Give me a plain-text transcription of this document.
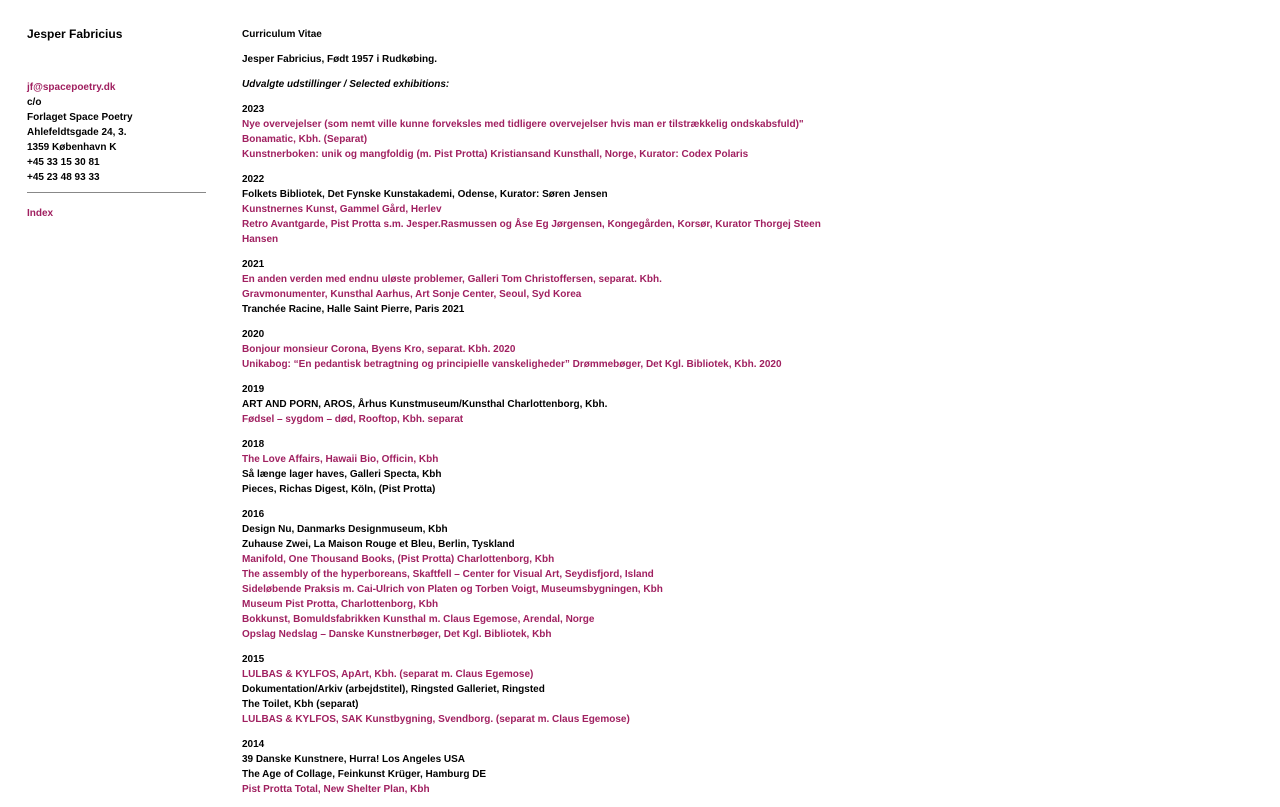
Jesper Fabricius
jf@spacepoetry.dk
c/o
Forlaget Space Poetry
Ahlefeldtsgade 24, 3.
1359 København K
+45 33 15 30 81
+45 23 48 93 33
Index
Curriculum Vitae
Jesper Fabricius, Født 1957 i Rudkøbing.
Udvalgte udstillinger / Selected exhibitions:
2023
Nye overvejelser (som nemt ville kunne forveksles med tidligere overvejelser hvis man er tilstrækkelig ondskabsfuld)" Bonamatic, Kbh. (Separat)
Kunstnerboken: unik og mangfoldig (m. Pist Protta) Kristiansand Kunsthall, Norge, Kurator: Codex Polaris
2022
Folkets Bibliotek, Det Fynske Kunstakademi, Odense, Kurator: Søren Jensen
Kunstnernes Kunst, Gammel Gård, Herlev
Retro Avantgarde, Pist Protta s.m. Jesper.Rasmussen og Åse Eg Jørgensen, Kongegården, Korsør, Kurator Thorgej Steen Hansen
2021
En anden verden med endnu uløste problemer, Galleri Tom Christoffersen, separat. Kbh.
Gravmonumenter, Kunsthal Aarhus, Art Sonje Center, Seoul, Syd Korea
Tranchée Racine, Halle Saint Pierre, Paris 2021
2020
Bonjour monsieur Corona, Byens Kro, separat. Kbh. 2020
Unikabog: “En pedantisk betragtning og principielle vanskeligheder” Drømmebøger, Det Kgl. Bibliotek, Kbh. 2020
2019
ART AND PORN, AROS, Århus Kunstmuseum/Kunsthal Charlottenborg, Kbh.
Fødsel – sygdom – død, Rooftop, Kbh. separat
2018
The Love Affairs, Hawaii Bio, Officin, Kbh
Så længe lager haves, Galleri Specta, Kbh
Pieces, Richas Digest, Köln, (Pist Protta)
2016
Design Nu, Danmarks Designmuseum, Kbh
Zuhause Zwei, La Maison Rouge et Bleu, Berlin, Tyskland
Manifold, One Thousand Books, (Pist Protta) Charlottenborg, Kbh
The assembly of the hyperboreans, Skaftfell – Center for Visual Art, Seydisfjord, Island
Sideløbende Praksis m. Cai-Ulrich von Platen og Torben Voigt, Museumsbygningen, Kbh
Museum Pist Protta, Charlottenborg, Kbh
Bokkunst, Bomuldsfabrikken Kunsthal m. Claus Egemose, Arendal, Norge
Opslag Nedslag – Danske Kunstnerbøger, Det Kgl. Bibliotek, Kbh
2015
LULBAS & KYLFOS, ApArt, Kbh. (separat m. Claus Egemose)
Dokumentation/Arkiv (arbejdstitel), Ringsted Galleriet, Ringsted
The Toilet, Kbh (separat)
LULBAS & KYLFOS, SAK Kunstbygning, Svendborg. (separat m. Claus Egemose)
2014
39 Danske Kunstnere, Hurra! Los Angeles USA
The Age of Collage, Feinkunst Krüger, Hamburg DE
Pist Protta Total, New Shelter Plan, Kbh
